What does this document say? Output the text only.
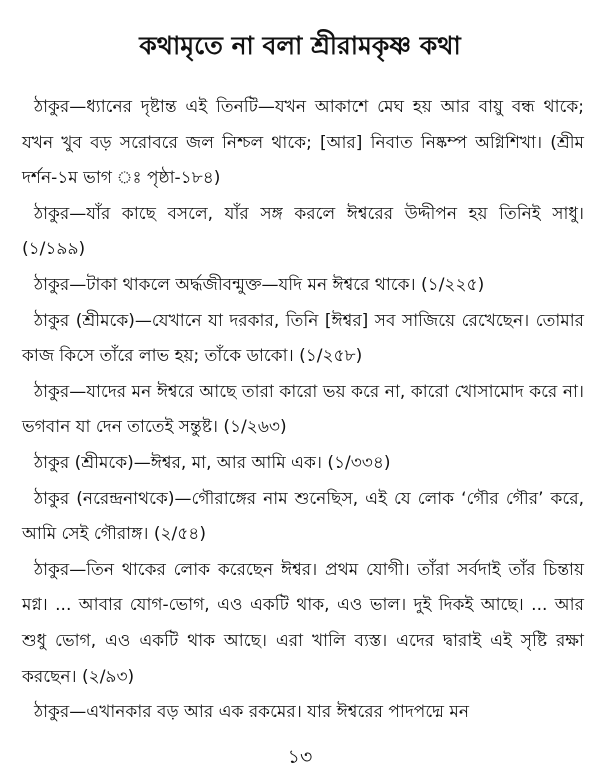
কথামৃতে না বলা শ্রীরামকৃষ্ণ কথা

ঠাকুর—ধ্যানের দৃষ্টান্ত এই তিনটি—যখন আকাশে মেঘ হয় আর বায়ু বন্ধ থাকে; যখন খুব বড় সরোবরে জল নিশ্চল থাকে; [আর] নিবাত নিষ্কম্প অগ্নিশিখা। (শ্রীম দর্শন-১ম ভাগ ঃ পৃষ্ঠা-১৮৪)

ঠাকুর—যাঁর কাছে বসলে, যাঁর সঙ্গ করলে ঈশ্বরের উদ্দীপন হয় তিনিই সাধু। (১/১৯৯)

ঠাকুর—টাকা থাকলে অর্দ্ধজীবন্মুক্ত—যদি মন ঈশ্বরে থাকে। (১/২২৫)

ঠাকুর (শ্রীমকে)—যেখানে যা দরকার, তিনি [ঈশ্বর] সব সাজিয়ে রেখেছেন। তোমার কাজ কিসে তাঁরে লাভ হয়; তাঁকে ডাকো। (১/২৫৮)

ঠাকুর—যাদের মন ঈশ্বরে আছে তারা কারো ভয় করে না, কারো খোসামোদ করে না। ভগবান যা দেন তাতেই সন্তুষ্ট। (১/২৬৩)

ঠাকুর (শ্রীমকে)—ঈশ্বর, মা, আর আমি এক। (১/৩৩৪)

ঠাকুর (নরেন্দ্রনাথকে)—গৌরাঙ্গের নাম শুনেছিস, এই যে লোক ‘গৌর গৌর’ করে, আমি সেই গৌরাঙ্গ। (২/৫৪)

ঠাকুর—তিন থাকের লোক করেছেন ঈশ্বর। প্রথম যোগী। তাঁরা সর্বদাই তাঁর চিন্তায় মগ্ন। ... আবার যোগ-ভোগ, এও একটি থাক, এও ভাল। দুই দিকই আছে। ... আর শুধু ভোগ, এও একটি থাক আছে। এরা খালি ব্যস্ত। এদের দ্বারাই এই সৃষ্টি রক্ষা করছেন। (২/৯৩)

ঠাকুর—এখানকার বড় আর এক রকমের। যার ঈশ্বরের পাদপদ্মে মন

১৩
